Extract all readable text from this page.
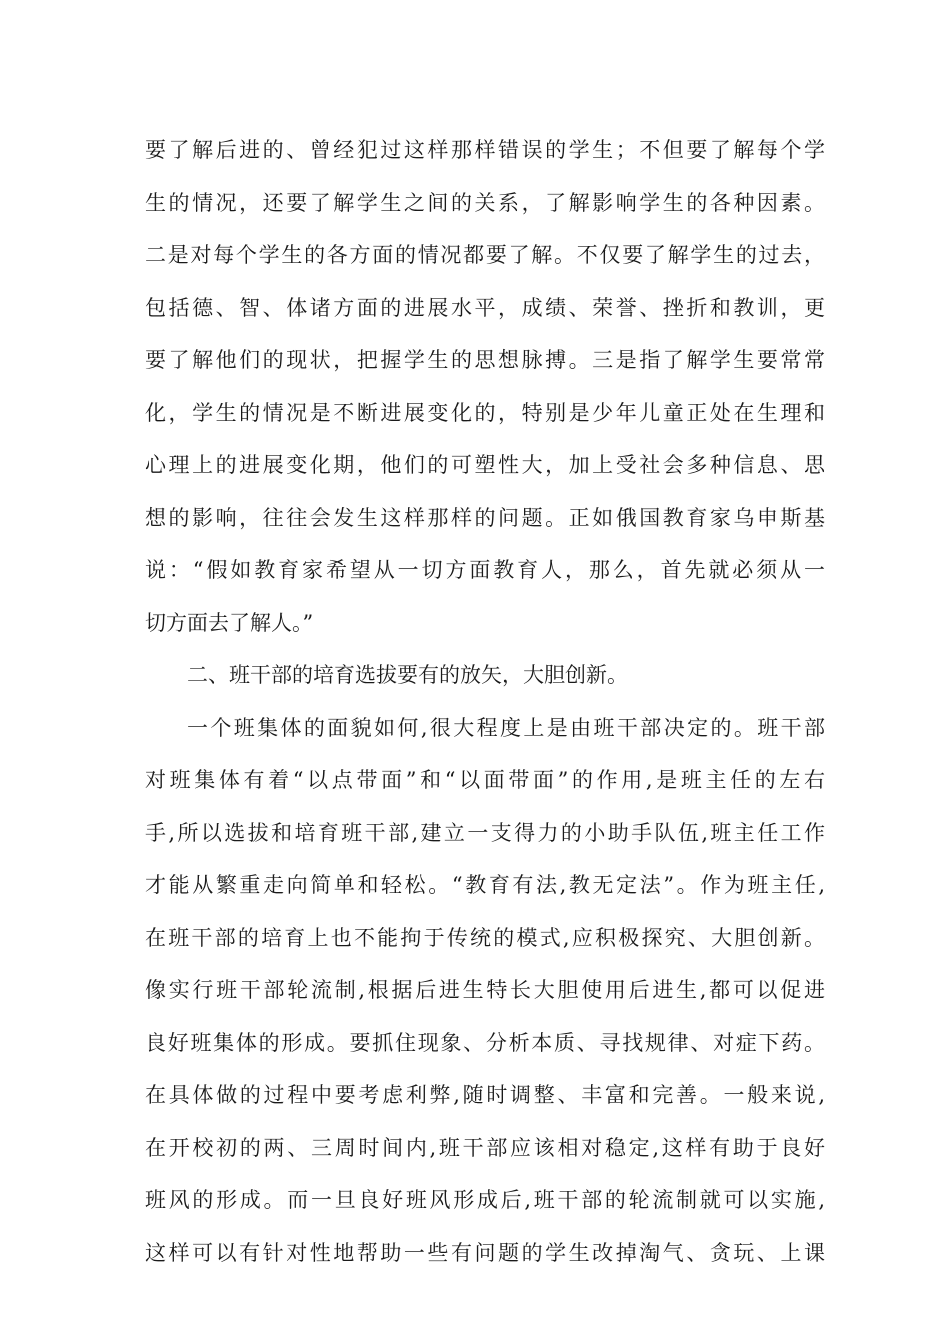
要了解后进的、曾经犯过这样那样错误的学生；不但要了解每个学
生的情况，还要了解学生之间的关系，了解影响学生的各种因素。
二是对每个学生的各方面的情况都要了解。不仅要了解学生的过去，
包括德、智、体诸方面的进展水平，成绩、荣誉、挫折和教训，更
要了解他们的现状，把握学生的思想脉搏。三是指了解学生要常常
化，学生的情况是不断进展变化的，特别是少年儿童正处在生理和
心理上的进展变化期，他们的可塑性大，加上受社会多种信息、思
想的影响，往往会发生这样那样的问题。正如俄国教育家乌申斯基
说：“假如教育家希望从一切方面教育人，那么，首先就必须从一
切方面去了解人。”
二、班干部的培育选拔要有的放矢，大胆创新。
一个班集体的面貌如何,很大程度上是由班干部决定的。班干部
对班集体有着“以点带面”和“以面带面”的作用,是班主任的左右
手,所以选拔和培育班干部,建立一支得力的小助手队伍,班主任工作
才能从繁重走向简单和轻松。“教育有法,教无定法”。作为班主任,
在班干部的培育上也不能拘于传统的模式,应积极探究、大胆创新。
像实行班干部轮流制,根据后进生特长大胆使用后进生,都可以促进
良好班集体的形成。要抓住现象、分析本质、寻找规律、对症下药。
在具体做的过程中要考虑利弊,随时调整、丰富和完善。一般来说,
在开校初的两、三周时间内,班干部应该相对稳定,这样有助于良好
班风的形成。而一旦良好班风形成后,班干部的轮流制就可以实施,
这样可以有针对性地帮助一些有问题的学生改掉淘气、贪玩、上课
